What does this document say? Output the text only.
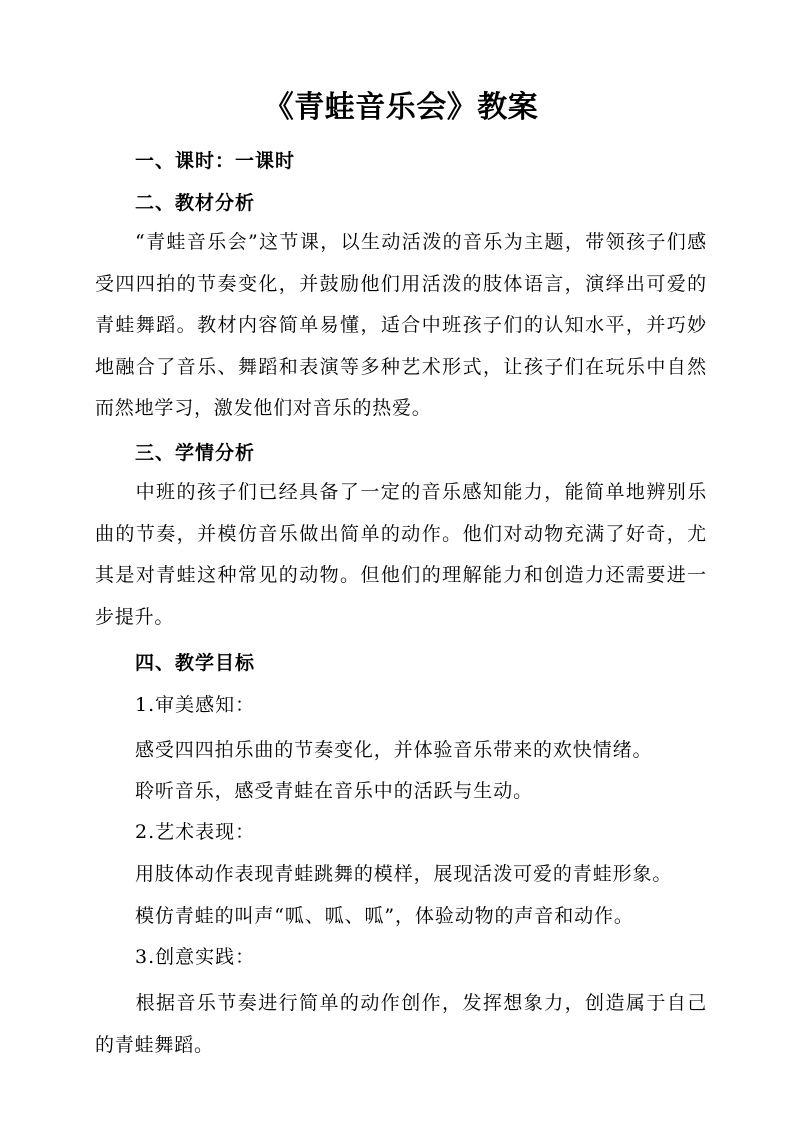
《青蛙音乐会》教案
一、课时：一课时
二、教材分析
“青蛙音乐会”这节课，以生动活泼的音乐为主题，带领孩子们感受四四拍的节奏变化，并鼓励他们用活泼的肢体语言，演绎出可爱的青蛙舞蹈。教材内容简单易懂，适合中班孩子们的认知水平，并巧妙地融合了音乐、舞蹈和表演等多种艺术形式，让孩子们在玩乐中自然而然地学习，激发他们对音乐的热爱。
三、学情分析
中班的孩子们已经具备了一定的音乐感知能力，能简单地辨别乐曲的节奏，并模仿音乐做出简单的动作。他们对动物充满了好奇，尤其是对青蛙这种常见的动物。但他们的理解能力和创造力还需要进一步提升。
四、教学目标
1.审美感知：
感受四四拍乐曲的节奏变化，并体验音乐带来的欢快情绪。
聆听音乐，感受青蛙在音乐中的活跃与生动。
2.艺术表现：
用肢体动作表现青蛙跳舞的模样，展现活泼可爱的青蛙形象。
模仿青蛙的叫声“呱、呱、呱”，体验动物的声音和动作。
3.创意实践：
根据音乐节奏进行简单的动作创作，发挥想象力，创造属于自己的青蛙舞蹈。
